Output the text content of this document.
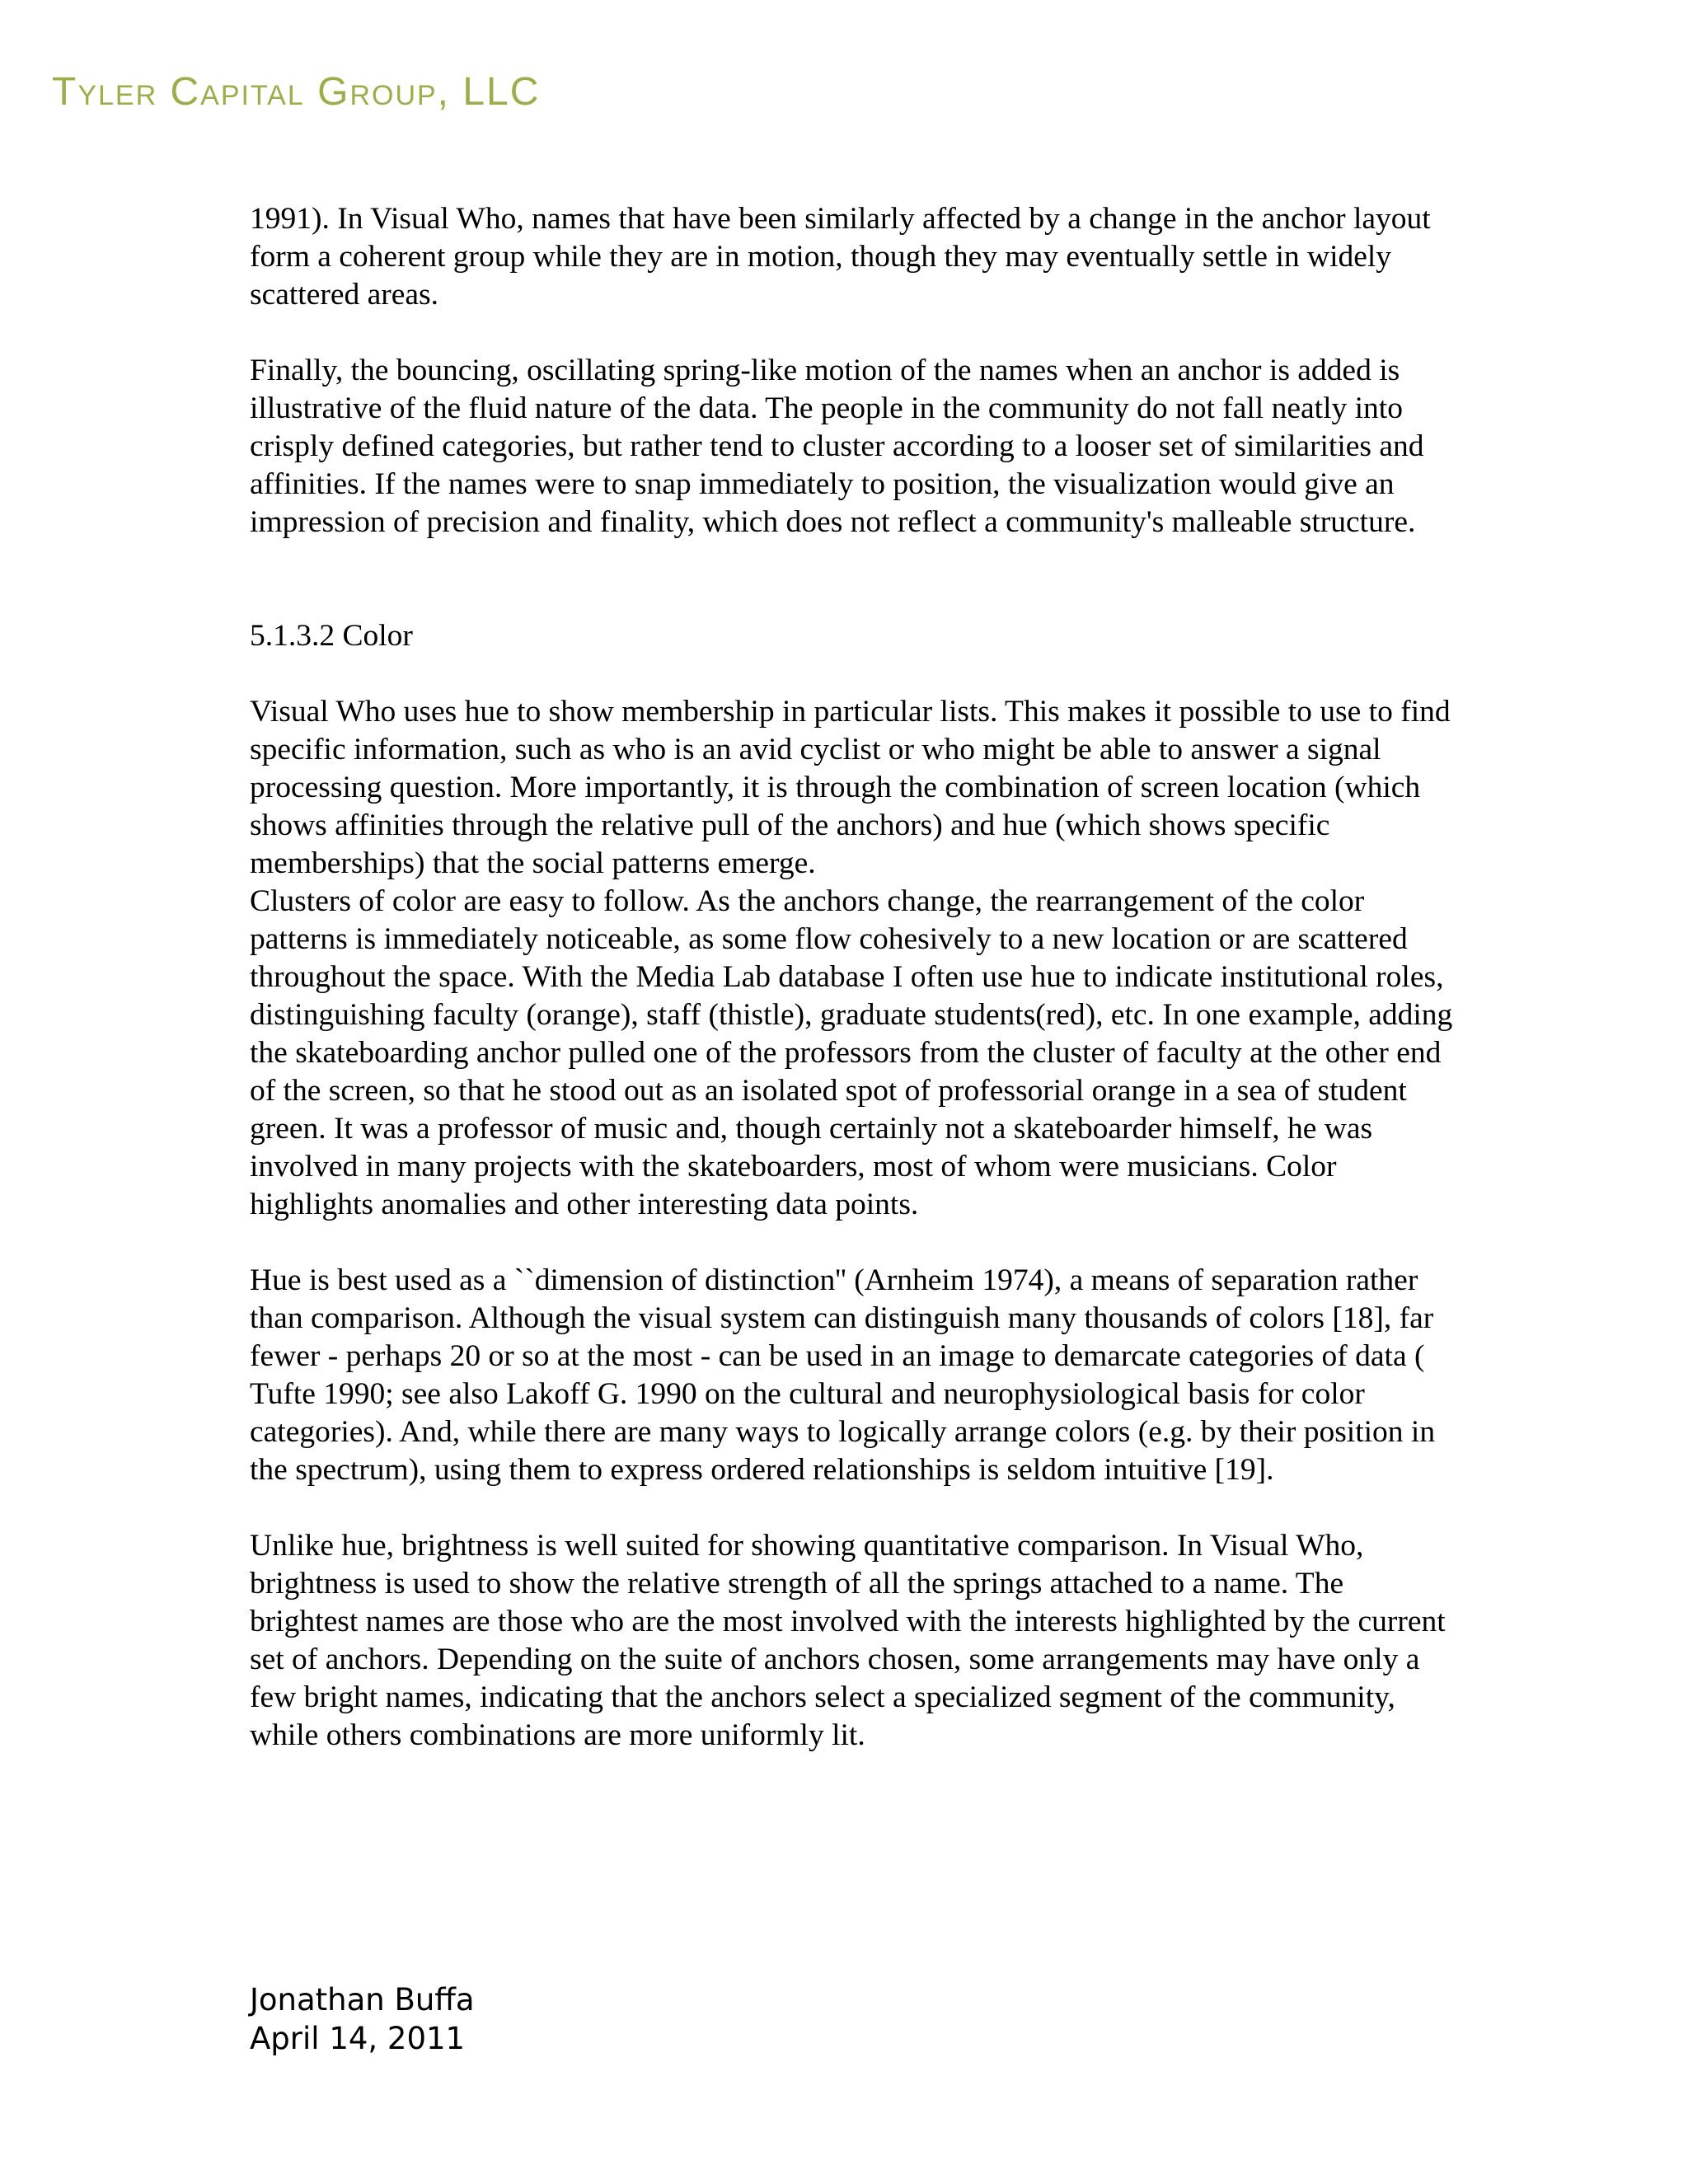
Tyler Capital Group, LLC

1991). In Visual Who, names that have been similarly affected by a change in the anchor layout form a coherent group while they are in motion, though they may eventually settle in widely scattered areas.

Finally, the bouncing, oscillating spring-like motion of the names when an anchor is added is illustrative of the fluid nature of the data. The people in the community do not fall neatly into crisply defined categories, but rather tend to cluster according to a looser set of similarities and affinities. If the names were to snap immediately to position, the visualization would give an impression of precision and finality, which does not reflect a community's malleable structure.

5.1.3.2 Color

Visual Who uses hue to show membership in particular lists. This makes it possible to use to find specific information, such as who is an avid cyclist or who might be able to answer a signal processing question. More importantly, it is through the combination of screen location (which shows affinities through the relative pull of the anchors) and hue (which shows specific memberships) that the social patterns emerge.

Clusters of color are easy to follow. As the anchors change, the rearrangement of the color patterns is immediately noticeable, as some flow cohesively to a new location or are scattered throughout the space. With the Media Lab database I often use hue to indicate institutional roles, distinguishing faculty (orange), staff (thistle), graduate students(red), etc. In one example, adding the skateboarding anchor pulled one of the professors from the cluster of faculty at the other end of the screen, so that he stood out as an isolated spot of professorial orange in a sea of student green. It was a professor of music and, though certainly not a skateboarder himself, he was involved in many projects with the skateboarders, most of whom were musicians. Color highlights anomalies and other interesting data points.

Hue is best used as a ``dimension of distinction'' (Arnheim 1974), a means of separation rather than comparison. Although the visual system can distinguish many thousands of colors [18], far fewer - perhaps 20 or so at the most - can be used in an image to demarcate categories of data ( Tufte 1990; see also Lakoff G. 1990 on the cultural and neurophysiological basis for color categories). And, while there are many ways to logically arrange colors (e.g. by their position in the spectrum), using them to express ordered relationships is seldom intuitive [19].

Unlike hue, brightness is well suited for showing quantitative comparison. In Visual Who, brightness is used to show the relative strength of all the springs attached to a name. The brightest names are those who are the most involved with the interests highlighted by the current set of anchors. Depending on the suite of anchors chosen, some arrangements may have only a few bright names, indicating that the anchors select a specialized segment of the community, while others combinations are more uniformly lit.

Jonathan Buffa
April 14, 2011
